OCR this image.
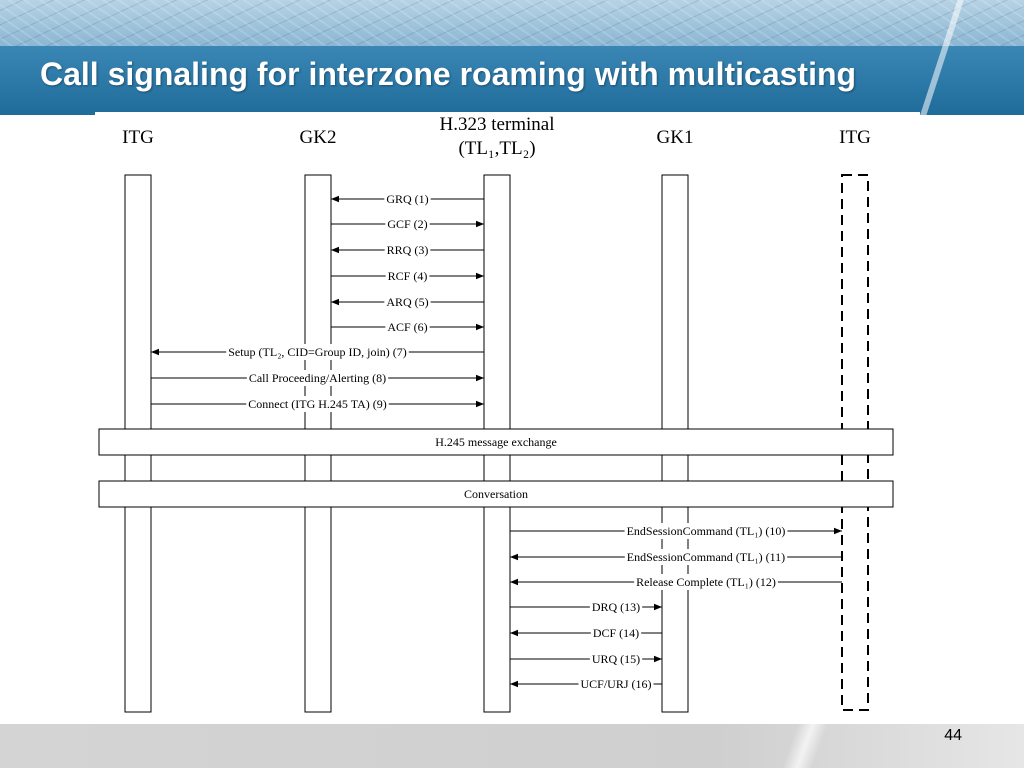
Call signaling for interzone roaming with multicasting
ITG	GK2
H.323 terminal
(TL₁,TL₂)
GK1	ITG
GRQ (1)
GCF (2)
RRQ (3)
RCF (4)
ARQ (5)
ACF (6)
Setup (TL₂, CID=Group ID, join) (7)
Call Proceeding/Alerting (8)
Connect (ITG H.245 TA) (9)
EndSessionCommand (TL₁) (10)
EndSessionCommand (TL₁) (11)
Release Complete (TL₁) (12)
DRQ (13)
DCF (14)
URQ (15)
UCF/URJ (16)
H.245 message exchange
Conversation
44
